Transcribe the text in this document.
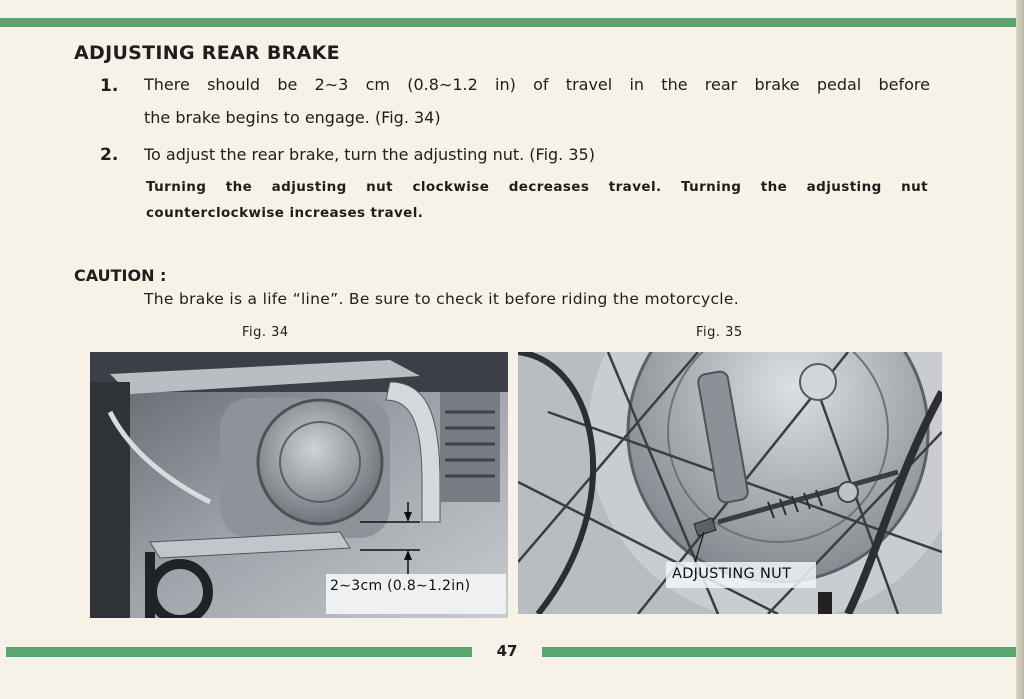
ADJUSTING REAR BRAKE
1. There should be 2∼3 cm (0.8∼1.2 in) of travel in the rear brake pedal before
the brake begins to engage. (Fig. 34)
2. To adjust the rear brake, turn the adjusting nut. (Fig. 35)
Turning the adjusting nut clockwise decreases travel. Turning the adjusting nut
counterclockwise increases travel.
CAUTION :
The brake is a life “line”. Be sure to check it before riding the motorcycle.
Fig. 34	Fig. 35
2∼3cm (0.8∼1.2in)
ADJUSTING NUT
47
